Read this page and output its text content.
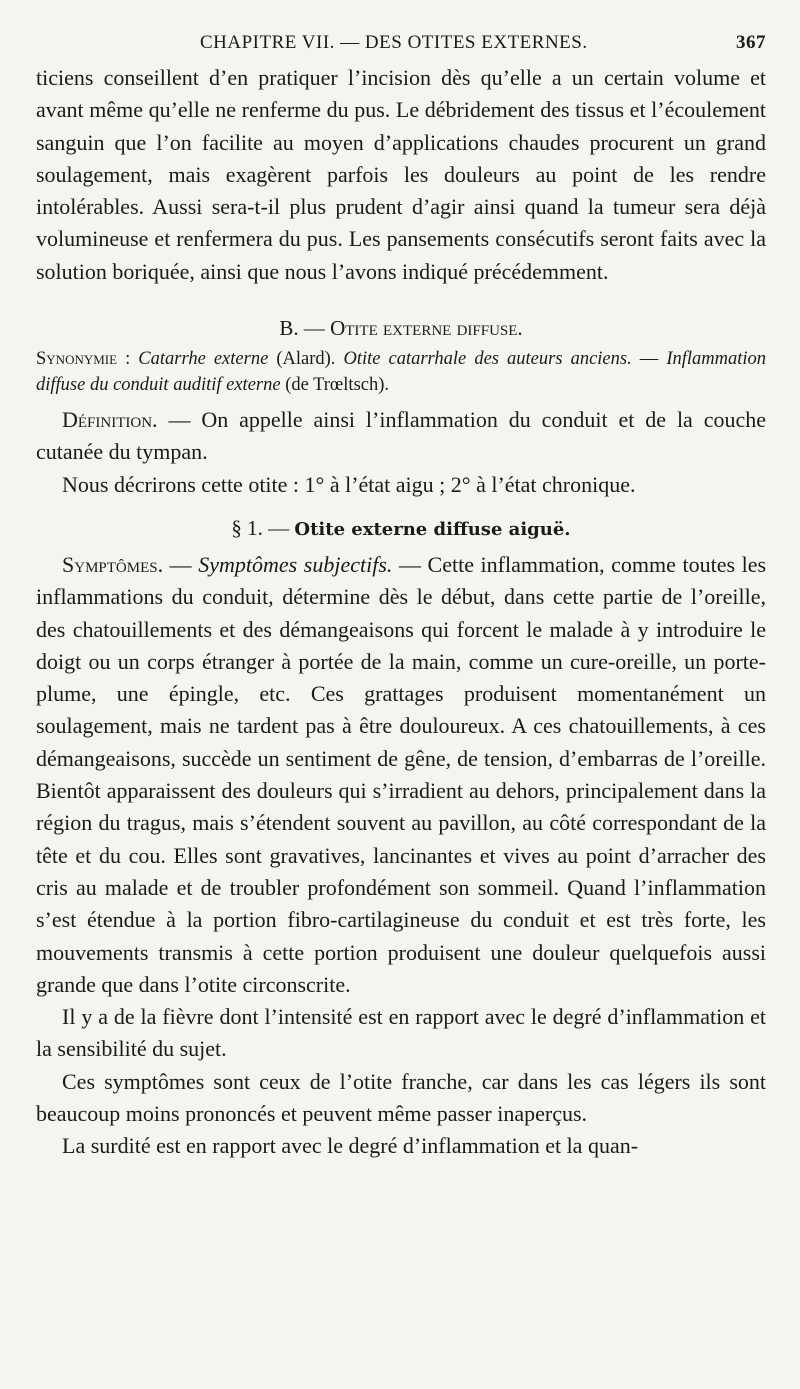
CHAPITRE VII. — DES OTITES EXTERNES.	367

ticiens conseillent d’en pratiquer l’incision dès qu’elle a un certain volume et avant même qu’elle ne renferme du pus. Le débridement des tissus et l’écoulement sanguin que l’on facilite au moyen d’applications chaudes procurent un grand soulagement, mais exagèrent parfois les douleurs au point de les rendre intolérables. Aussi sera-t-il plus prudent d’agir ainsi quand la tumeur sera déjà volumineuse et renfermera du pus. Les pansements consécutifs seront faits avec la solution boriquée, ainsi que nous l’avons indiqué précédemment.

B. — Otite externe diffuse.

Synonymie : Catarrhe externe (Alard). Otite catarrhale des auteurs anciens. — Inflammation diffuse du conduit auditif externe (de Trœltsch).

Définition. — On appelle ainsi l’inflammation du conduit et de la couche cutanée du tympan.

Nous décrirons cette otite : 1° à l’état aigu ; 2° à l’état chronique.

§ 1. — Otite externe diffuse aiguë.

Symptômes. — Symptômes subjectifs. — Cette inflammation, comme toutes les inflammations du conduit, détermine dès le début, dans cette partie de l’oreille, des chatouillements et des démangeaisons qui forcent le malade à y introduire le doigt ou un corps étranger à portée de la main, comme un cure-oreille, un porte-plume, une épingle, etc. Ces grattages produisent momentanément un soulagement, mais ne tardent pas à être douloureux. A ces chatouillements, à ces démangeaisons, succède un sentiment de gêne, de tension, d’embarras de l’oreille. Bientôt apparaissent des douleurs qui s’irradient au dehors, principalement dans la région du tragus, mais s’étendent souvent au pavillon, au côté correspondant de la tête et du cou. Elles sont gravatives, lancinantes et vives au point d’arracher des cris au malade et de troubler profondément son sommeil. Quand l’inflammation s’est étendue à la portion fibro-cartilagineuse du conduit et est très forte, les mouvements transmis à cette portion produisent une douleur quelquefois aussi grande que dans l’otite circonscrite.

Il y a de la fièvre dont l’intensité est en rapport avec le degré d’inflammation et la sensibilité du sujet.

Ces symptômes sont ceux de l’otite franche, car dans les cas légers ils sont beaucoup moins prononcés et peuvent même passer inaperçus.

La surdité est en rapport avec le degré d’inflammation et la quan-
